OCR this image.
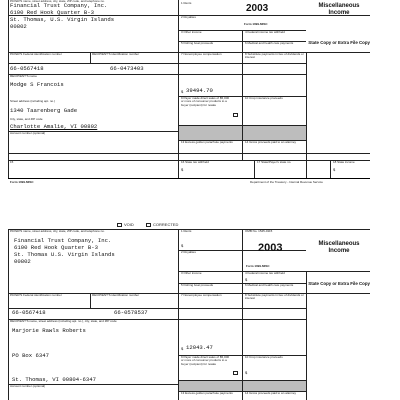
PAYER'S name, street address, city, state, ZIP code, and telephone no.
Financial Trust Company, Inc.
6100 Red Hook Quarter B-3
St. Thomas, U.S. Virgin Islands
00802
1 Rents
2 Royalties
2003
Form 1099-MISC
Miscellaneous Income
3 Other income	4 Federal income tax withheld
5 Fishing boat proceeds	6 Medical and health care payments	State Copy or Extra File Copy
PAYER'S Federal identification number
66-0567418
RECIPIENT'S identification number
66-0473403
7 Nonemployee compensation
$ 39494.70
8 Substitute payments in lieu of dividends or interest
RECIPIENT'S name
Modge S Francois
Street address (including apt. no.)
1340 Taarenberg Gade
City, state, and ZIP code
Charlotte Amalie, VI 00802
Account number (optional)
9 Payer made direct sales of $5,000 or more of consumer products to a buyer (recipient) for resale
10 Crop insurance proceeds
13 Excess golden parachute payments	14 Gross proceeds paid to an attorney
15	16 State tax withheld	17 State/Payer's state no.	18 State income
$	$
Form 1099-MISC	Department of the Treasury - Internal Revenue Service
VOID	CORRECTED
PAYER'S name, street address, city, state, ZIP code, and telephone no.
Financial Trust Company, Inc.
6100 Red Hook Quarter B-3
St. Thomas U.S. Virgin Islands
00802
1 Rents
$
2 Royalties
OMB No. 1545-0115
2003
Form 1099-MISC
Miscellaneous Income
3 Other income	4 Federal income tax withheld
$
5 Fishing boat proceeds	6 Medical and health care payments	State Copy or Extra File Copy
PAYER'S Federal identification number
66-0567418
RECIPIENT'S identification number
66-0578537
7 Nonemployee compensation
$ 12043.47
8 Substitute payments in lieu of dividends or interest
RECIPIENT'S name, street address (including apt. no.), city, state, and ZIP code
Marjorie Rawls Roberts
PO Box 6347
St. Thomas, VI 00804-6347
Account number (optional)
9 Payer made direct sales of $5,000 or more of consumer products to a buyer (recipient) for resale
10 Crop insurance proceeds
$
13 Excess golden parachute payments	14 Gross proceeds paid to an attorney
